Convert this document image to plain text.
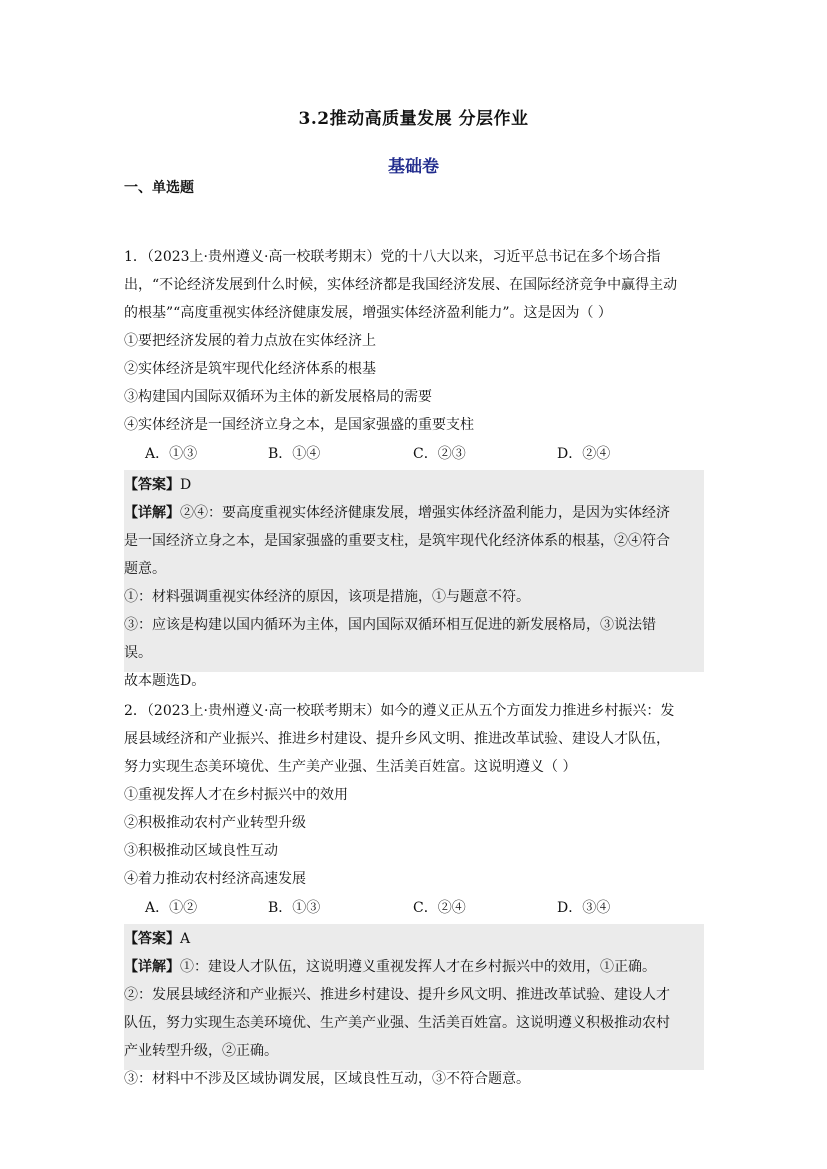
3.2推动高质量发展 分层作业
基础卷
一、单选题
1．（2023上·贵州遵义·高一校联考期末）党的十八大以来，习近平总书记在多个场合指
出，“不论经济发展到什么时候，实体经济都是我国经济发展、在国际经济竞争中赢得主动
的根基”“高度重视实体经济健康发展，增强实体经济盈利能力”。这是因为（ ）
①要把经济发展的着力点放在实体经济上
②实体经济是筑牢现代化经济体系的根基
③构建国内国际双循环为主体的新发展格局的需要
④实体经济是一国经济立身之本，是国家强盛的重要支柱
A．①③	B．①④	C．②③	D．②④
【答案】D
【详解】②④：要高度重视实体经济健康发展，增强实体经济盈利能力，是因为实体经济
是一国经济立身之本，是国家强盛的重要支柱，是筑牢现代化经济体系的根基，②④符合
题意。
①：材料强调重视实体经济的原因，该项是措施，①与题意不符。
③：应该是构建以国内循环为主体，国内国际双循环相互促进的新发展格局，③说法错
误。
故本题选D。
2．（2023上·贵州遵义·高一校联考期末）如今的遵义正从五个方面发力推进乡村振兴：发
展县域经济和产业振兴、推进乡村建设、提升乡风文明、推进改革试验、建设人才队伍，
努力实现生态美环境优、生产美产业强、生活美百姓富。这说明遵义（ ）
①重视发挥人才在乡村振兴中的效用
②积极推动农村产业转型升级
③积极推动区域良性互动
④着力推动农村经济高速发展
A．①②	B．①③	C．②④	D．③④
【答案】A
【详解】①：建设人才队伍，这说明遵义重视发挥人才在乡村振兴中的效用，①正确。
②：发展县域经济和产业振兴、推进乡村建设、提升乡风文明、推进改革试验、建设人才
队伍，努力实现生态美环境优、生产美产业强、生活美百姓富。这说明遵义积极推动农村
产业转型升级，②正确。
③：材料中不涉及区域协调发展，区域良性互动，③不符合题意。
